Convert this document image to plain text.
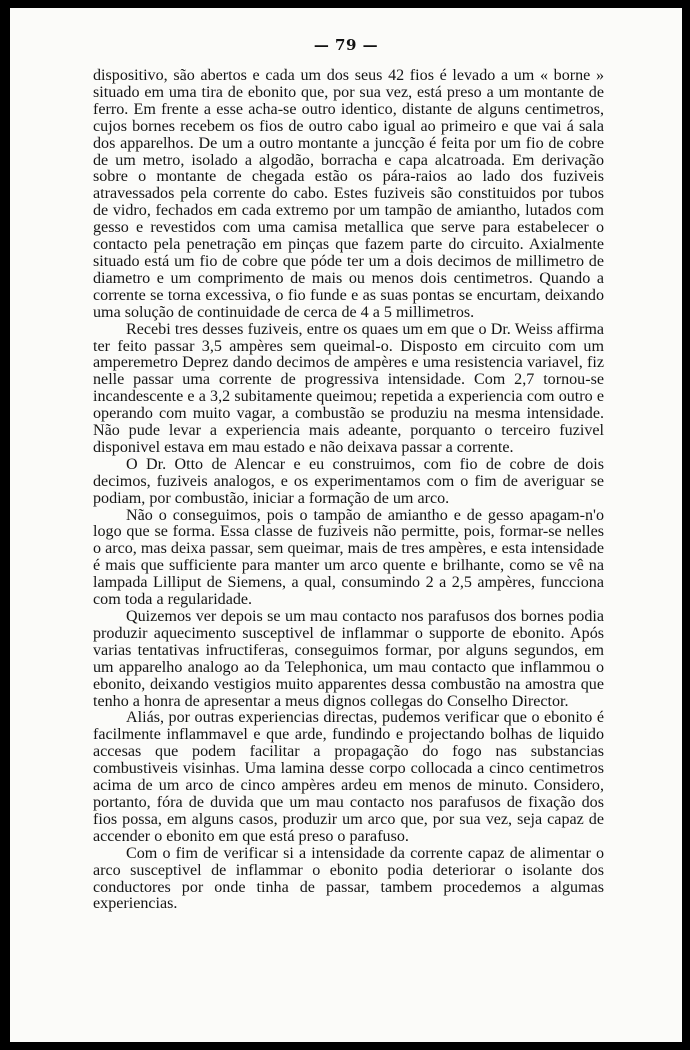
— 79 —

dispositivo, são abertos e cada um dos seus 42 fios é levado a um « borne » situado em uma tira de ebonito que, por sua vez, está preso a um montante de ferro. Em frente a esse acha-se outro identico, distante de alguns centimetros, cujos bornes recebem os fios de outro cabo igual ao primeiro e que vai á sala dos apparelhos. De um a outro montante a juncção é feita por um fio de cobre de um metro, isolado a algodão, borracha e capa alcatroada. Em derivação sobre o montante de chegada estão os pára-raios ao lado dos fuziveis atravessados pela corrente do cabo. Estes fuziveis são constituidos por tubos de vidro, fechados em cada extremo por um tampão de amiantho, lutados com gesso e revestidos com uma camisa metallica que serve para estabelecer o contacto pela penetração em pinças que fazem parte do circuito. Axialmente situado está um fio de cobre que póde ter um a dois decimos de millimetro de diametro e um comprimento de mais ou menos dois centimetros. Quando a corrente se torna excessiva, o fio funde e as suas pontas se encurtam, deixando uma solução de continuidade de cerca de 4 a 5 millimetros.

Recebi tres desses fuziveis, entre os quaes um em que o Dr. Weiss affirma ter feito passar 3,5 ampères sem queimal-o. Disposto em circuito com um amperemetro Deprez dando decimos de ampères e uma resistencia variavel, fiz nelle passar uma corrente de progressiva intensidade. Com 2,7 tornou-se incandescente e a 3,2 subitamente queimou; repetida a experiencia com outro e operando com muito vagar, a combustão se produziu na mesma intensidade. Não pude levar a experiencia mais adeante, porquanto o terceiro fuzivel disponivel estava em mau estado e não deixava passar a corrente.

O Dr. Otto de Alencar e eu construimos, com fio de cobre de dois decimos, fuziveis analogos, e os experimentamos com o fim de averiguar se podiam, por combustão, iniciar a formação de um arco.

Não o conseguimos, pois o tampão de amiantho e de gesso apagam-n'o logo que se forma. Essa classe de fuziveis não permitte, pois, formar-se nelles o arco, mas deixa passar, sem queimar, mais de tres ampères, e esta intensidade é mais que sufficiente para manter um arco quente e brilhante, como se vê na lampada Lilliput de Siemens, a qual, consumindo 2 a 2,5 ampères, funcciona com toda a regularidade.

Quizemos ver depois se um mau contacto nos parafusos dos bornes podia produzir aquecimento susceptivel de inflammar o supporte de ebonito. Após varias tentativas infructiferas, conseguimos formar, por alguns segundos, em um apparelho analogo ao da Telephonica, um mau contacto que inflammou o ebonito, deixando vestigios muito apparentes dessa combustão na amostra que tenho a honra de apresentar a meus dignos collegas do Conselho Director.

Aliás, por outras experiencias directas, pudemos verificar que o ebonito é facilmente inflammavel e que arde, fundindo e projectando bolhas de liquido accesas que podem facilitar a propagação do fogo nas substancias combustiveis visinhas. Uma lamina desse corpo collocada a cinco centimetros acima de um arco de cinco ampères ardeu em menos de minuto. Considero, portanto, fóra de duvida que um mau contacto nos parafusos de fixação dos fios possa, em alguns casos, produzir um arco que, por sua vez, seja capaz de accender o ebonito em que está preso o parafuso.

Com o fim de verificar si a intensidade da corrente capaz de alimentar o arco susceptivel de inflammar o ebonito podia deteriorar o isolante dos conductores por onde tinha de passar, tambem procedemos a algumas experiencias.
